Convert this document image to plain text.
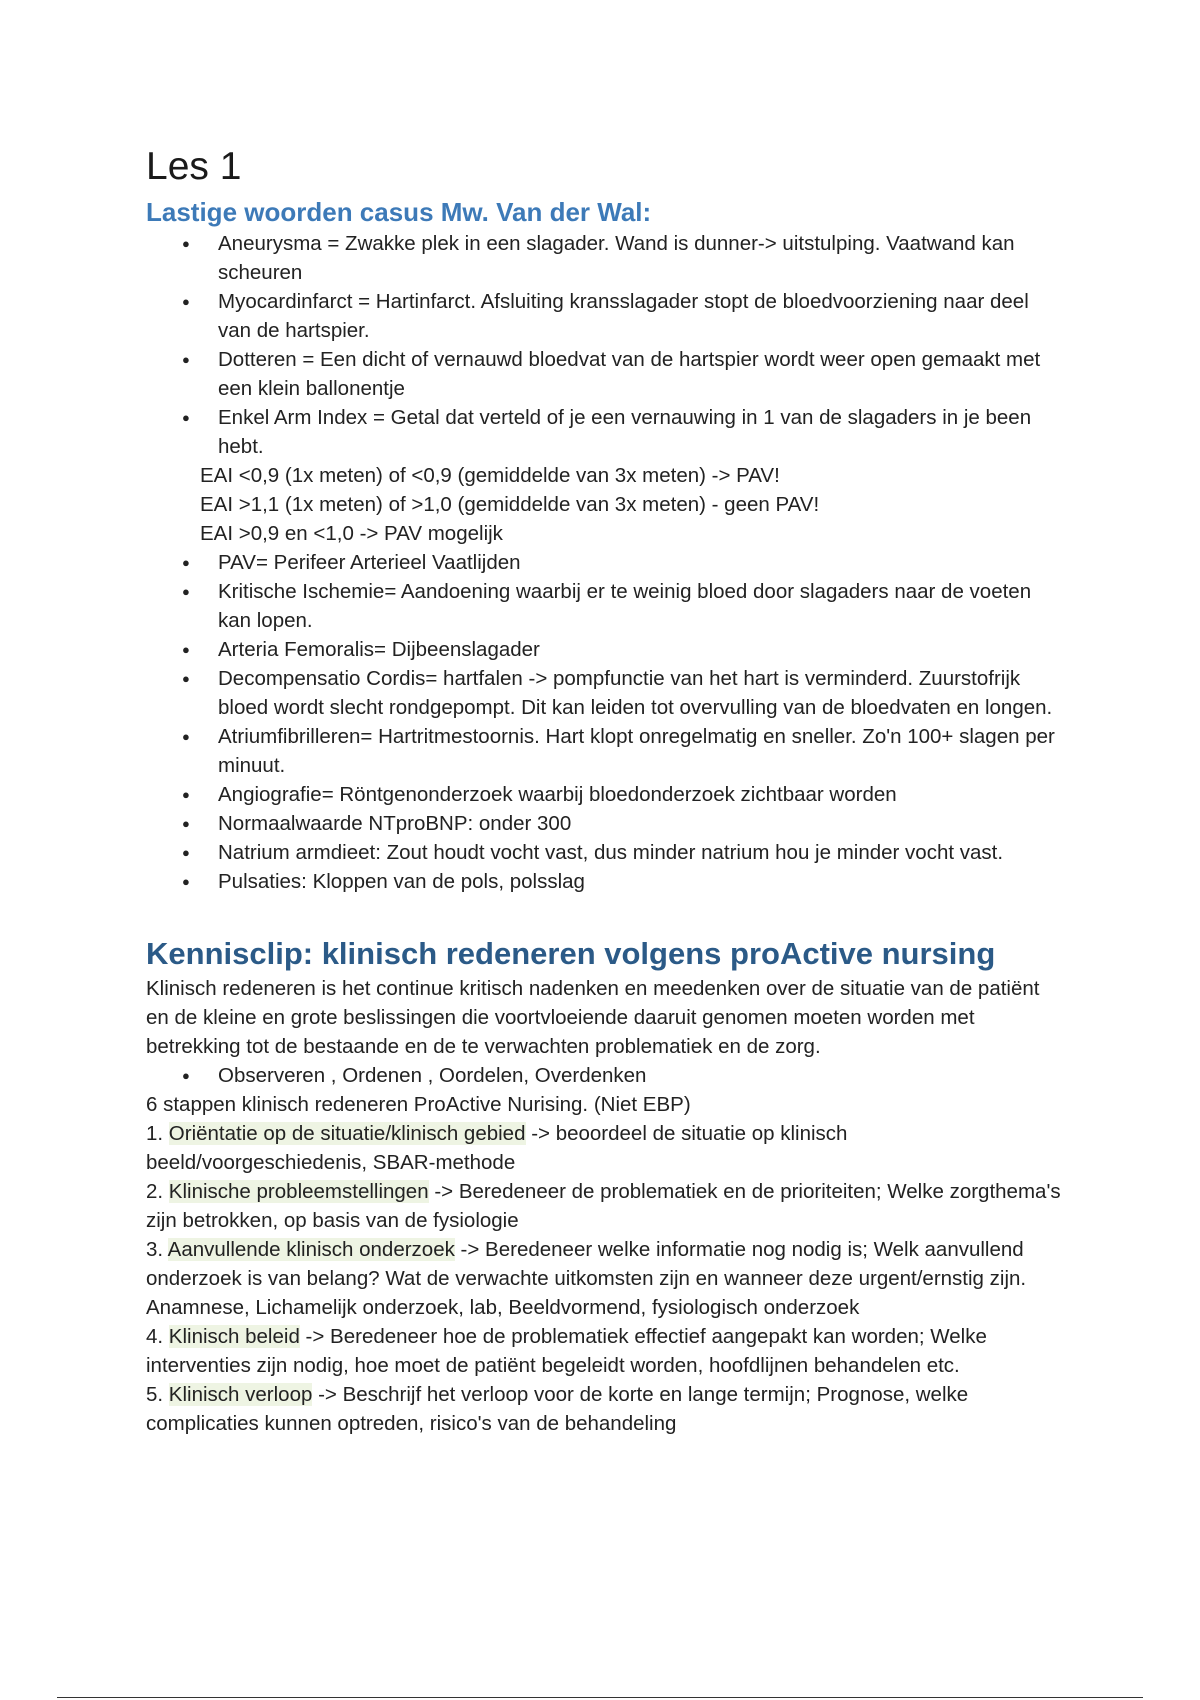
Les 1
Lastige woorden casus Mw. Van der Wal:
● Aneurysma = Zwakke plek in een slagader. Wand is dunner-> uitstulping. Vaatwand kan scheuren
● Myocardinfarct = Hartinfarct. Afsluiting kransslagader stopt de bloedvoorziening naar deel van de hartspier.
● Dotteren = Een dicht of vernauwd bloedvat van de hartspier wordt weer open gemaakt met een klein ballonentje
● Enkel Arm Index = Getal dat verteld of je een vernauwing in 1 van de slagaders in je been hebt.
EAI <0,9 (1x meten) of <0,9 (gemiddelde van 3x meten) -> PAV!
EAI >1,1 (1x meten) of >1,0 (gemiddelde van 3x meten) - geen PAV!
EAI >0,9 en <1,0 -> PAV mogelijk
● PAV= Perifeer Arterieel Vaatlijden
● Kritische Ischemie= Aandoening waarbij er te weinig bloed door slagaders naar de voeten kan lopen.
● Arteria Femoralis= Dijbeenslagader
● Decompensatio Cordis= hartfalen -> pompfunctie van het hart is verminderd. Zuurstofrijk bloed wordt slecht rondgepompt. Dit kan leiden tot overvulling van de bloedvaten en longen.
● Atriumfibrilleren= Hartritmestoornis. Hart klopt onregelmatig en sneller. Zo'n 100+ slagen per minuut.
● Angiografie= Röntgenonderzoek waarbij bloedonderzoek zichtbaar worden
● Normaalwaarde NTproBNP: onder 300
● Natrium armdieet: Zout houdt vocht vast, dus minder natrium hou je minder vocht vast.
● Pulsaties: Kloppen van de pols, polsslag
Kennisclip: klinisch redeneren volgens proActive nursing

Klinisch redeneren is het continue kritisch nadenken en meedenken over de situatie van de patiënt en de kleine en grote beslissingen die voortvloeiende daaruit genomen moeten worden met betrekking tot de bestaande en de te verwachten problematiek en de zorg.

● Observeren , Ordenen , Oordelen, Overdenken

6 stappen klinisch redeneren ProActive Nurising. (Niet EBP)

1. Oriëntatie op de situatie/klinisch gebied -> beoordeel de situatie op klinisch beeld/voorgeschiedenis, SBAR-methode

2. Klinische probleemstellingen -> Beredeneer de problematiek en de prioriteiten; Welke zorgthema's zijn betrokken, op basis van de fysiologie

3. Aanvullende klinisch onderzoek -> Beredeneer welke informatie nog nodig is; Welk aanvullend onderzoek is van belang? Wat de verwachte uitkomsten zijn en wanneer deze urgent/ernstig zijn. Anamnese, Lichamelijk onderzoek, lab, Beeldvormend, fysiologisch onderzoek

4. Klinisch beleid -> Beredeneer hoe de problematiek effectief aangepakt kan worden; Welke interventies zijn nodig, hoe moet de patiënt begeleidt worden, hoofdlijnen behandelen etc.

5. Klinisch verloop -> Beschrijf het verloop voor de korte en lange termijn; Prognose, welke complicaties kunnen optreden, risico's van de behandeling
